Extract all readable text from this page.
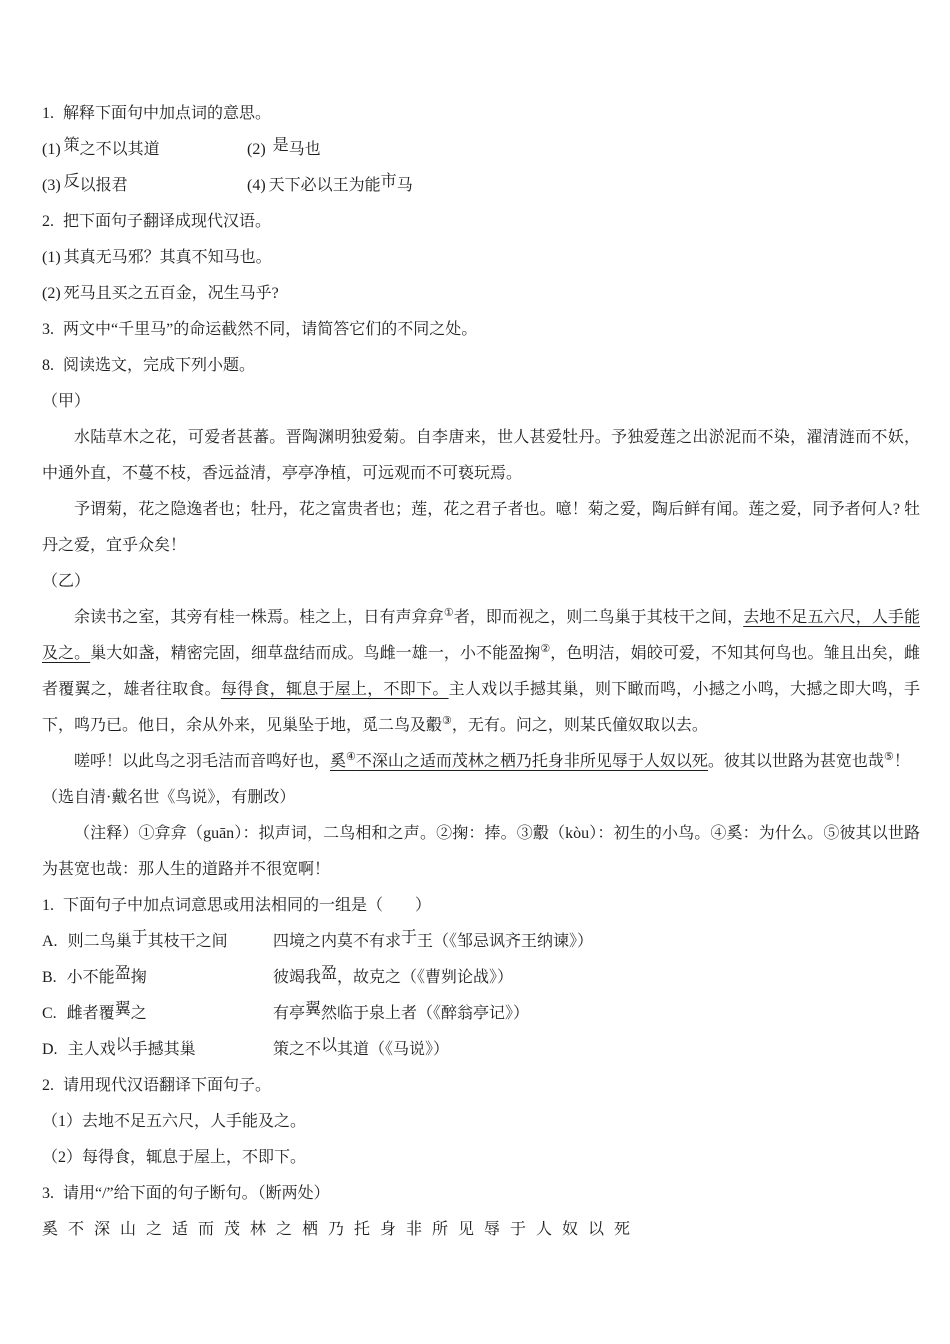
1. 解释下面句中加点词的意思。
(1) 策之不以其道	(2) 是马也
(3) 反以报君	(4) 天下必以王为能市马
2. 把下面句子翻译成现代汉语。
(1) 其真无马邪？其真不知马也。
(2) 死马且买之五百金，况生马乎?
3. 两文中“千里马”的命运截然不同，请简答它们的不同之处。
8. 阅读选文，完成下列小题。
（甲）

水陆草木之花，可爱者甚蕃。晋陶渊明独爱菊。自李唐来，世人甚爱牡丹。予独爱莲之出淤泥而不染，濯清涟而不妖，中通外直，不蔓不枝，香远益清，亭亭净植，可远观而不可亵玩焉。

予谓菊，花之隐逸者也；牡丹，花之富贵者也；莲，花之君子者也。噫！菊之爱，陶后鲜有闻。莲之爱，同予者何人? 牡丹之爱，宜乎众矣！

（乙）

余读书之室，其旁有桂一株焉。桂之上，日有声弇弇①者，即而视之，则二鸟巢于其枝干之间，去地不足五六尺，人手能及之。巢大如盏，精密完固，细草盘结而成。鸟雌一雄一，小不能盈掬②，色明洁，娟皎可爱，不知其何鸟也。雏且出矣，雌者覆翼之，雄者往取食。每得食，辄息于屋上，不即下。主人戏以手撼其巢，则下瞰而鸣，小撼之小鸣，大撼之即大鸣，手下，鸣乃已。他日，余从外来，见巢坠于地，觅二鸟及鷇③，无有。问之，则某氏僮奴取以去。

嗟呼！以此鸟之羽毛洁而音鸣好也，奚④不深山之适而茂林之栖乃托身非所见辱于人奴以死。彼其以世路为甚宽也哉⑤！

（选自清·戴名世《鸟说》，有删改）

（注释）①弇弇（guān）：拟声词，二鸟相和之声。②掬：捧。③鷇（kòu）：初生的小鸟。④奚：为什么。⑤彼其以世路为甚宽也哉：那人生的道路并不很宽啊！

1. 下面句子中加点词意思或用法相同的一组是（　　）
A. 则二鸟巢于其枝干之间	四境之内莫不有求于王（《邹忌讽齐王纳谏》）
B. 小不能盈掬	彼竭我盈，故克之（《曹刿论战》）
C. 雌者覆翼之	有亭翼然临于泉上者（《醉翁亭记》）
D. 主人戏以手撼其巢	策之不以其道（《马说》）
2. 请用现代汉语翻译下面句子。
（1）去地不足五六尺，人手能及之。
（2）每得食，辄息于屋上，不即下。
3. 请用“/”给下面的句子断句。（断两处）
奚不深山之适而茂林之栖乃托身非所见辱于人奴以死
